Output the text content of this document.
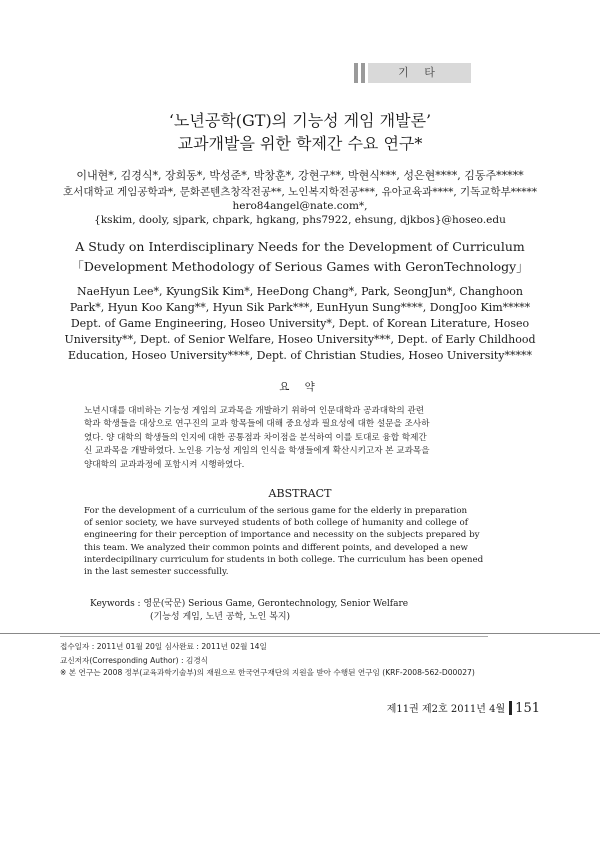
기 타
‘노년공학(GT)의 기능성 게임 개발론’
교과개발을 위한 학제간 수요 연구*
이내현*, 김경식*, 장희동*, 박성준*, 박창훈*, 강현구**, 박현식***, 성은현****, 김동주*****
호서대학교 게임공학과*, 문화콘텐츠창작전공**, 노인복지학전공***, 유아교육과****, 기독교학부*****
hero84angel@nate.com*,
{kskim, dooly, sjpark, chpark, hgkang, phs7922, ehsung, djkbos}@hoseo.edu
A Study on Interdisciplinary Needs for the Development of Curriculum
「Development Methodology of Serious Games with GeronTechnology」
NaeHyun Lee*, KyungSik Kim*, HeeDong Chang*, Park, SeongJun*, Changhoon
Park*, Hyun Koo Kang**, Hyun Sik Park***, EunHyun Sung****, DongJoo Kim*****
Dept. of Game Engineering, Hoseo University*, Dept. of Korean Literature, Hoseo
University**, Dept. of Senior Welfare, Hoseo University***, Dept. of Early Childhood
Education, Hoseo University****, Dept. of Christian Studies, Hoseo University*****
요 약
노년시대를 대비하는 기능성 게임의 교과목을 개발하기 위하여 인문대학과 공과대학의 관련
학과 학생들을 대상으로 연구진의 교과 항목들에 대해 중요성과 필요성에 대한 설문을 조사하
였다. 양 대학의 학생들의 인지에 대한 공통점과 차이점을 분석하여 이를 토대로 융합 학제간
신 교과목을 개발하였다. 노인용 기능성 게임의 인식을 학생들에게 확산시키고자 본 교과목을
양대학의 교과과정에 포함시켜 시행하였다.
ABSTRACT
For the development of a curriculum of the serious game for the elderly in preparation
of senior society, we have surveyed students of both college of humanity and college of
engineering for their perception of importance and necessity on the subjects prepared by
this team. We analyzed their common points and different points, and developed a new
interdecipilinary curriculum for students in both college. The curriculum has been opened
in the last semester successfully.
Keywords : 영문(국문) Serious Game, Gerontechnology, Senior Welfare
(기능성 게임, 노년 공학, 노인 복지)
접수일자 : 2011년 01월 20일 심사완료 : 2011년 02월 14일
교신저자(Corresponding Author) : 김경식
※ 본 연구는 2008 정부(교육과학기술부)의 재원으로 한국연구재단의 지원을 받아 수행된 연구임 (KRF-2008-562-D00027)
제11권 제2호 2011년 4월 151
